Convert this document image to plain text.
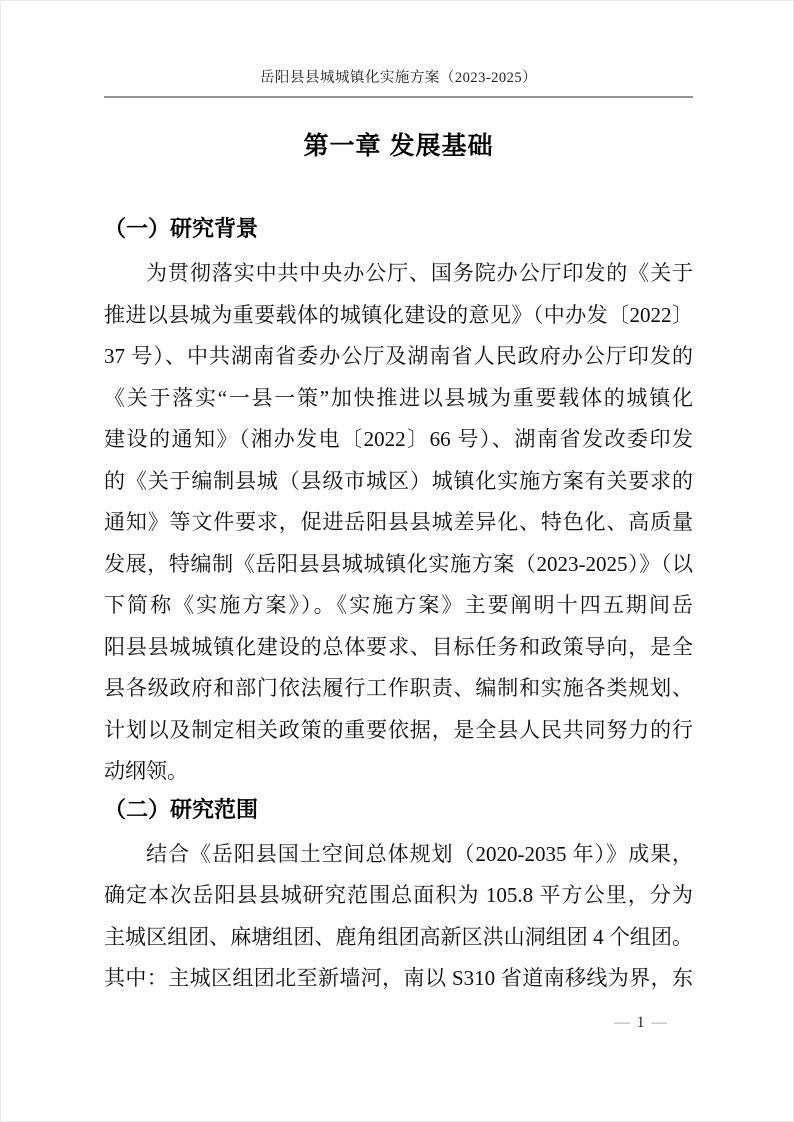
岳阳县县城城镇化实施方案（2023-2025）
第一章 发展基础
（一）研究背景
为贯彻落实中共中央办公厅、国务院办公厅印发的《关于
推进以县城为重要载体的城镇化建设的意见》（中办发〔2022〕
37 号）、中共湖南省委办公厅及湖南省人民政府办公厅印发的
《关于落实“一县一策”加快推进以县城为重要载体的城镇化
建设的通知》（湘办发电〔2022〕66 号）、湖南省发改委印发
的《关于编制县城（县级市城区）城镇化实施方案有关要求的
通知》等文件要求，促进岳阳县县城差异化、特色化、高质量
发展，特编制《岳阳县县城城镇化实施方案（2023-2025）》（以
下简称《实施方案》）。《实施方案》主要阐明十四五期间岳
阳县县城城镇化建设的总体要求、目标任务和政策导向，是全
县各级政府和部门依法履行工作职责、编制和实施各类规划、
计划以及制定相关政策的重要依据，是全县人民共同努力的行
动纲领。
（二）研究范围
结合《岳阳县国土空间总体规划（2020-2035 年）》成果，
确定本次岳阳县县城研究范围总面积为 105.8 平方公里，分为
主城区组团、麻塘组团、鹿角组团高新区洪山洞组团 4 个组团。
其中：主城区组团北至新墙河，南以 S310 省道南移线为界，东
— 1 —
